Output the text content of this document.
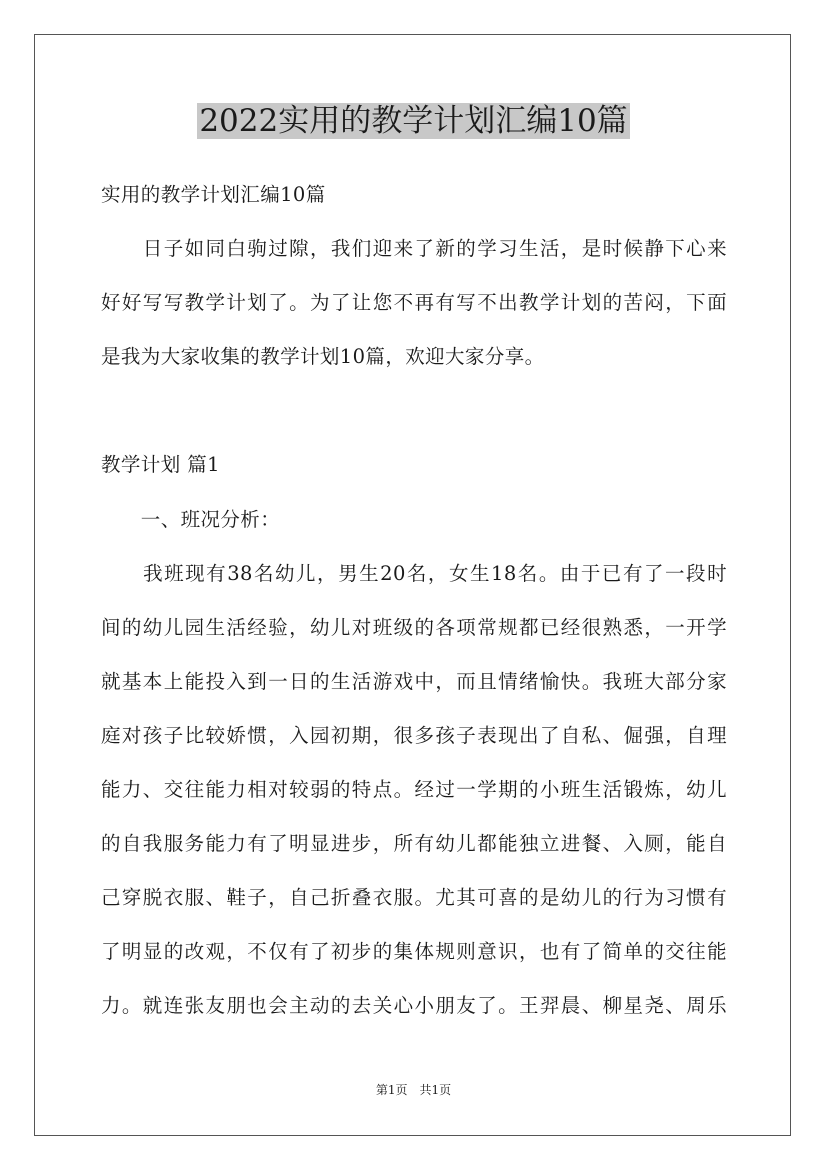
2022实用的教学计划汇编10篇
实用的教学计划汇编10篇
　　日子如同白驹过隙，我们迎来了新的学习生活，是时候静下心来
好好写写教学计划了。为了让您不再有写不出教学计划的苦闷，下面
是我为大家收集的教学计划10篇，欢迎大家分享。
教学计划 篇1
　　一、班况分析：
　　我班现有38名幼儿，男生20名，女生18名。由于已有了一段时
间的幼儿园生活经验，幼儿对班级的各项常规都已经很熟悉，一开学
就基本上能投入到一日的生活游戏中，而且情绪愉快。我班大部分家
庭对孩子比较娇惯，入园初期，很多孩子表现出了自私、倔强，自理
能力、交往能力相对较弱的特点。经过一学期的小班生活锻炼，幼儿
的自我服务能力有了明显进步，所有幼儿都能独立进餐、入厕，能自
己穿脱衣服、鞋子，自己折叠衣服。尤其可喜的是幼儿的行为习惯有
了明显的改观，不仅有了初步的集体规则意识，也有了简单的交往能
力。就连张友朋也会主动的去关心小朋友了。王羿晨、柳星尧、周乐
第1页　共1页
